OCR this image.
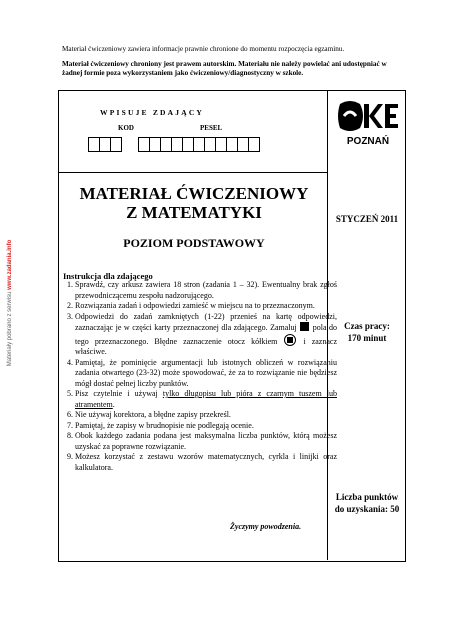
Materiał ćwiczeniowy zawiera informacje prawnie chronione do momentu rozpoczęcia egzaminu.
Materiał ćwiczeniowy chroniony jest prawem autorskim. Materiału nie należy powielać ani udostępniać w żadnej formie poza wykorzystaniem jako ćwiczeniowy/diagnostyczny w szkole.
Materiały pobrano z serwisu www.zadania.info
WPISUJE ZDAJĄCY
KOD	PESEL
POZNAŃ
MATERIAŁ ĆWICZENIOWY
Z MATEMATYKI
POZIOM PODSTAWOWY
STYCZEŃ 2011
Instrukcja dla zdającego
1. Sprawdź, czy arkusz zawiera 18 stron (zadania 1 – 32). Ewentualny brak zgłoś przewodniczącemu zespołu nadzorującego.
2. Rozwiązania zadań i odpowiedzi zamieść w miejscu na to przeznaczonym.
3. Odpowiedzi do zadań zamkniętych (1-22) przenieś na kartę odpowiedzi, zaznaczając je w części karty przeznaczonej dla zdającego. Zamaluj pola do tego przeznaczonego. Błędne zaznaczenie otocz kółkiem	i zaznacz właściwe.
4. Pamiętaj, że pominięcie argumentacji lub istotnych obliczeń w rozwiązaniu zadania otwartego (23-32) może spowodować, że za to rozwiązanie nie będziesz mógł dostać pełnej liczby punktów.
5. Pisz czytelnie i używaj tylko długopisu lub pióra z czarnym tuszem lub atramentem.
6. Nie używaj korektora, a błędne zapisy przekreśl.
7. Pamiętaj, że zapisy w brudnopisie nie podlegają ocenie.
8. Obok każdego zadania podana jest maksymalna liczba punktów, którą możesz uzyskać za poprawne rozwiązanie.
9. Możesz korzystać z zestawu wzorów matematycznych, cyrkla i linijki oraz kalkulatora.
Życzymy powodzenia.
Czas pracy:
170 minut
Liczba punktów
do uzyskania: 50
